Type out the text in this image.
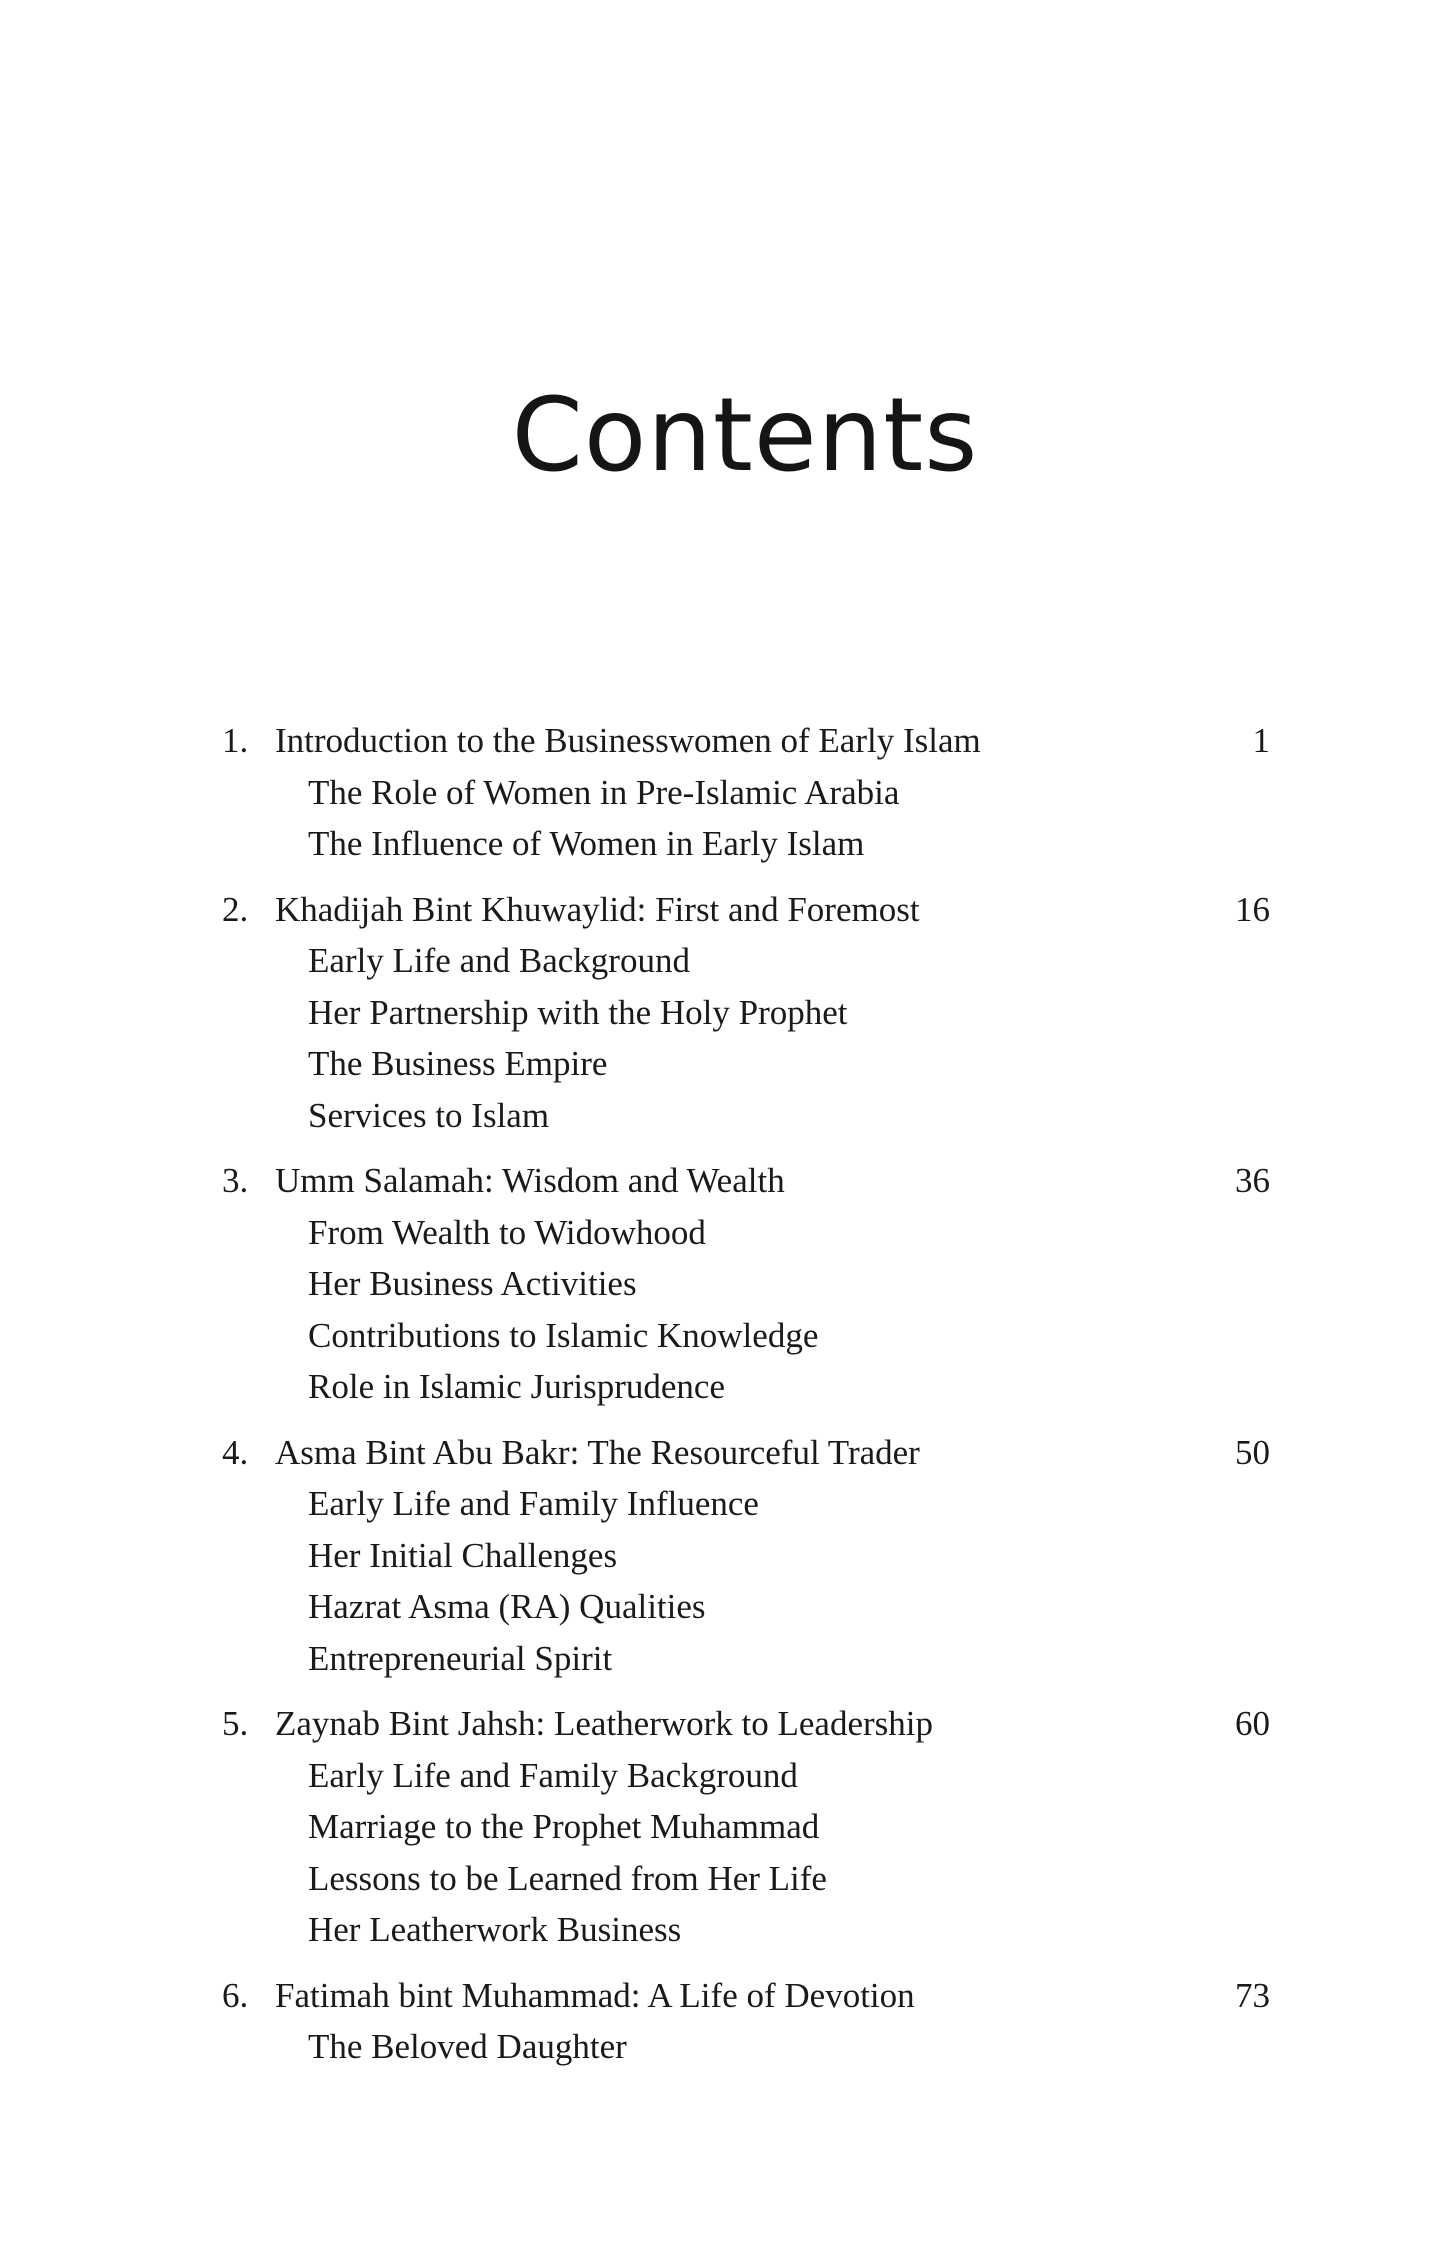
Contents
1. Introduction to the Businesswomen of Early Islam	1
The Role of Women in Pre-Islamic Arabia
The Influence of Women in Early Islam
2. Khadijah Bint Khuwaylid: First and Foremost	16
Early Life and Background
Her Partnership with the Holy Prophet
The Business Empire
Services to Islam
3. Umm Salamah: Wisdom and Wealth	36
From Wealth to Widowhood
Her Business Activities
Contributions to Islamic Knowledge
Role in Islamic Jurisprudence
4. Asma Bint Abu Bakr: The Resourceful Trader	50
Early Life and Family Influence
Her Initial Challenges
Hazrat Asma (RA) Qualities
Entrepreneurial Spirit
5. Zaynab Bint Jahsh: Leatherwork to Leadership	60
Early Life and Family Background
Marriage to the Prophet Muhammad
Lessons to be Learned from Her Life
Her Leatherwork Business
6. Fatimah bint Muhammad: A Life of Devotion	73
The Beloved Daughter
